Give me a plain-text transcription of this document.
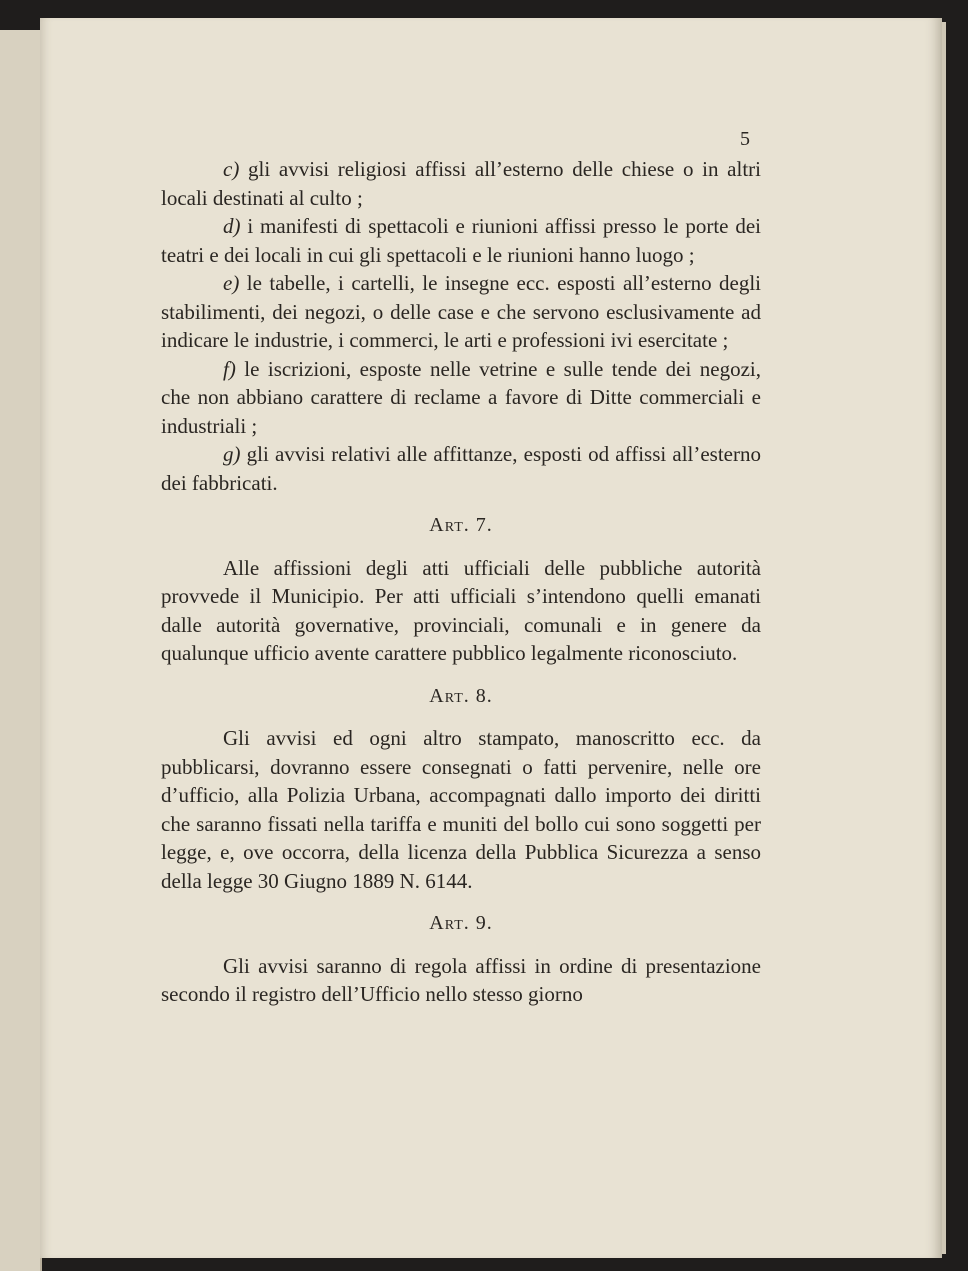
5

c) gli avvisi religiosi affissi all’esterno delle chiese o in altri locali destinati al culto ;

d) i manifesti di spettacoli e riunioni affissi presso le porte dei teatri e dei locali in cui gli spettacoli e le riunioni hanno luogo ;

e) le tabelle, i cartelli, le insegne ecc. esposti all’esterno degli stabilimenti, dei negozi, o delle case e che servono esclusivamente ad indicare le industrie, i commerci, le arti e professioni ivi esercitate ;

f) le iscrizioni, esposte nelle vetrine e sulle tende dei negozi, che non abbiano carattere di reclame a favore di Ditte commerciali e industriali ;

g) gli avvisi relativi alle affittanze, esposti od affissi all’esterno dei fabbricati.

Art. 7.

Alle affissioni degli atti ufficiali delle pubbliche autorità provvede il Municipio. Per atti ufficiali s’intendono quelli emanati dalle autorità governative, provinciali, comunali e in genere da qualunque ufficio avente carattere pubblico legalmente riconosciuto.

Art. 8.

Gli avvisi ed ogni altro stampato, manoscritto ecc. da pubblicarsi, dovranno essere consegnati o fatti pervenire, nelle ore d’ufficio, alla Polizia Urbana, accompagnati dallo importo dei diritti che saranno fissati nella tariffa e muniti del bollo cui sono soggetti per legge, e, ove occorra, della licenza della Pubblica Sicurezza a senso della legge 30 Giugno 1889 N. 6144.

Art. 9.

Gli avvisi saranno di regola affissi in ordine di presentazione secondo il registro dell’Ufficio nello stesso giorno
